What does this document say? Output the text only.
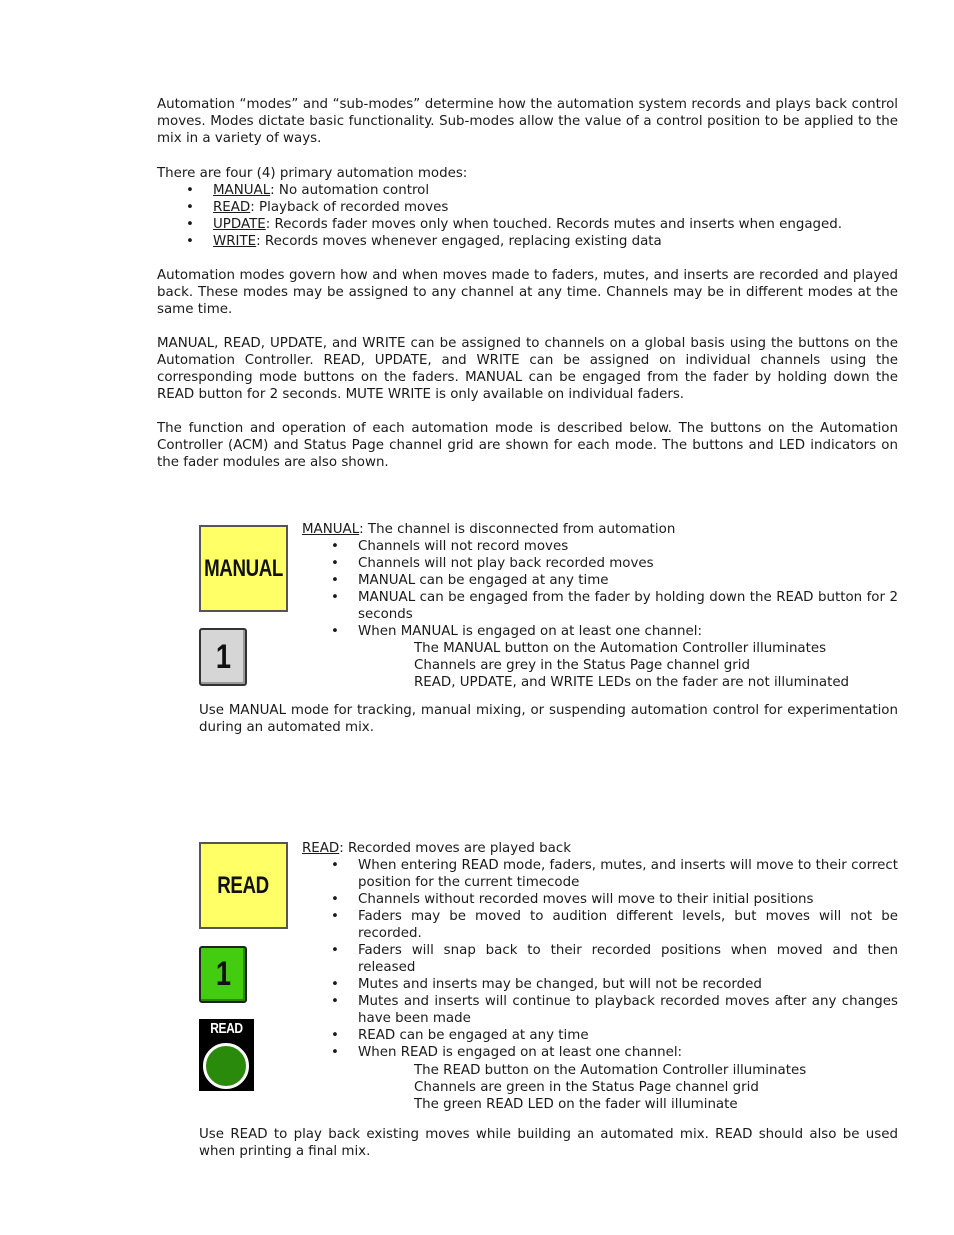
Automation “modes” and “sub-modes” determine how the automation system records and plays back control moves. Modes dictate basic functionality. Sub-modes allow the value of a control position to be applied to the mix in a variety of ways.

There are four (4) primary automation modes:

• MANUAL: No automation control
• READ: Playback of recorded moves
• UPDATE: Records fader moves only when touched. Records mutes and inserts when engaged.
• WRITE: Records moves whenever engaged, replacing existing data

Automation modes govern how and when moves made to faders, mutes, and inserts are recorded and played back. These modes may be assigned to any channel at any time. Channels may be in different modes at the same time.

MANUAL, READ, UPDATE, and WRITE can be assigned to channels on a global basis using the buttons on the Automation Controller. READ, UPDATE, and WRITE can be assigned on individual channels using the corresponding mode buttons on the faders. MANUAL can be engaged from the fader by holding down the READ button for 2 seconds. MUTE WRITE is only available on individual faders.

The function and operation of each automation mode is described below. The buttons on the Automation Controller (ACM) and Status Page channel grid are shown for each mode. The buttons and LED indicators on the fader modules are also shown.

MANUAL
1

MANUAL: The channel is disconnected from automation

• Channels will not record moves
• Channels will not play back recorded moves
• MANUAL can be engaged at any time
• MANUAL can be engaged from the fader by holding down the READ button for 2 seconds
• When MANUAL is engaged on at least one channel:
The MANUAL button on the Automation Controller illuminates
Channels are grey in the Status Page channel grid
READ, UPDATE, and WRITE LEDs on the fader are not illuminated

Use MANUAL mode for tracking, manual mixing, or suspending automation control for experimentation during an automated mix.

READ
1
READ

READ: Recorded moves are played back

• When entering READ mode, faders, mutes, and inserts will move to their correct position for the current timecode
• Channels without recorded moves will move to their initial positions
• Faders may be moved to audition different levels, but moves will not be recorded.
• Faders will snap back to their recorded positions when moved and then released
• Mutes and inserts may be changed, but will not be recorded
• Mutes and inserts will continue to playback recorded moves after any changes have been made
• READ can be engaged at any time
• When READ is engaged on at least one channel:
The READ button on the Automation Controller illuminates
Channels are green in the Status Page channel grid
The green READ LED on the fader will illuminate

Use READ to play back existing moves while building an automated mix. READ should also be used when printing a final mix.
